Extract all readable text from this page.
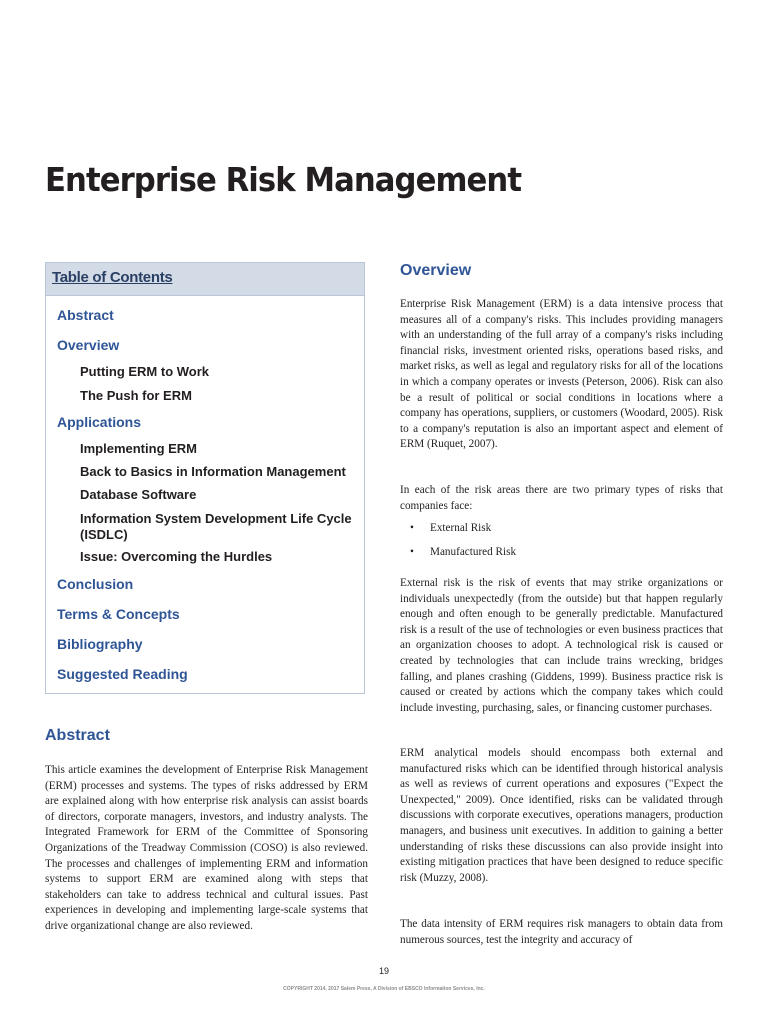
Enterprise Risk Management
Table of Contents
Abstract
Overview
Putting ERM to Work
The Push for ERM
Applications
Implementing ERM
Back to Basics in Information Management
Database Software
Information System Development Life Cycle (ISDLC)
Issue: Overcoming the Hurdles
Conclusion
Terms & Concepts
Bibliography
Suggested Reading
Abstract

This article examines the development of Enterprise Risk Management (ERM) processes and systems. The types of risks addressed by ERM are explained along with how enterprise risk analysis can assist boards of directors, corporate managers, investors, and industry analysts. The Integrated Framework for ERM of the Committee of Sponsoring Organizations of the Treadway Commission (COSO) is also reviewed. The processes and challenges of implementing ERM and information systems to support ERM are examined along with steps that stakeholders can take to address technical and cultural issues. Past experiences in developing and implementing large-scale systems that drive organizational change are also reviewed.

Overview

Enterprise Risk Management (ERM) is a data intensive process that measures all of a company's risks. This includes providing managers with an understanding of the full array of a company's risks including financial risks, investment oriented risks, operations based risks, and market risks, as well as legal and regulatory risks for all of the locations in which a company operates or invests (Peterson, 2006). Risk can also be a result of political or social conditions in locations where a company has operations, suppliers, or customers (Woodard, 2005). Risk to a company's reputation is also an important aspect and element of ERM (Ruquet, 2007).

In each of the risk areas there are two primary types of risks that companies face:

• External Risk
• Manufactured Risk

External risk is the risk of events that may strike organizations or individuals unexpectedly (from the outside) but that happen regularly enough and often enough to be generally predictable. Manufactured risk is a result of the use of technologies or even business practices that an organization chooses to adopt. A technological risk is caused or created by technologies that can include trains wrecking, bridges falling, and planes crashing (Giddens, 1999). Business practice risk is caused or created by actions which the company takes which could include investing, purchasing, sales, or financing customer purchases.

ERM analytical models should encompass both external and manufactured risks which can be identified through historical analysis as well as reviews of current operations and exposures ("Expect the Unexpected," 2009). Once identified, risks can be validated through discussions with corporate executives, operations managers, production managers, and business unit executives. In addition to gaining a better understanding of risks these discussions can also provide insight into existing mitigation practices that have been designed to reduce specific risk (Muzzy, 2008).

The data intensity of ERM requires risk managers to obtain data from numerous sources, test the integrity and accuracy of

19
COPYRIGHT 2014, 2017 Salem Press, A Division of EBSCO Information Services, Inc.
